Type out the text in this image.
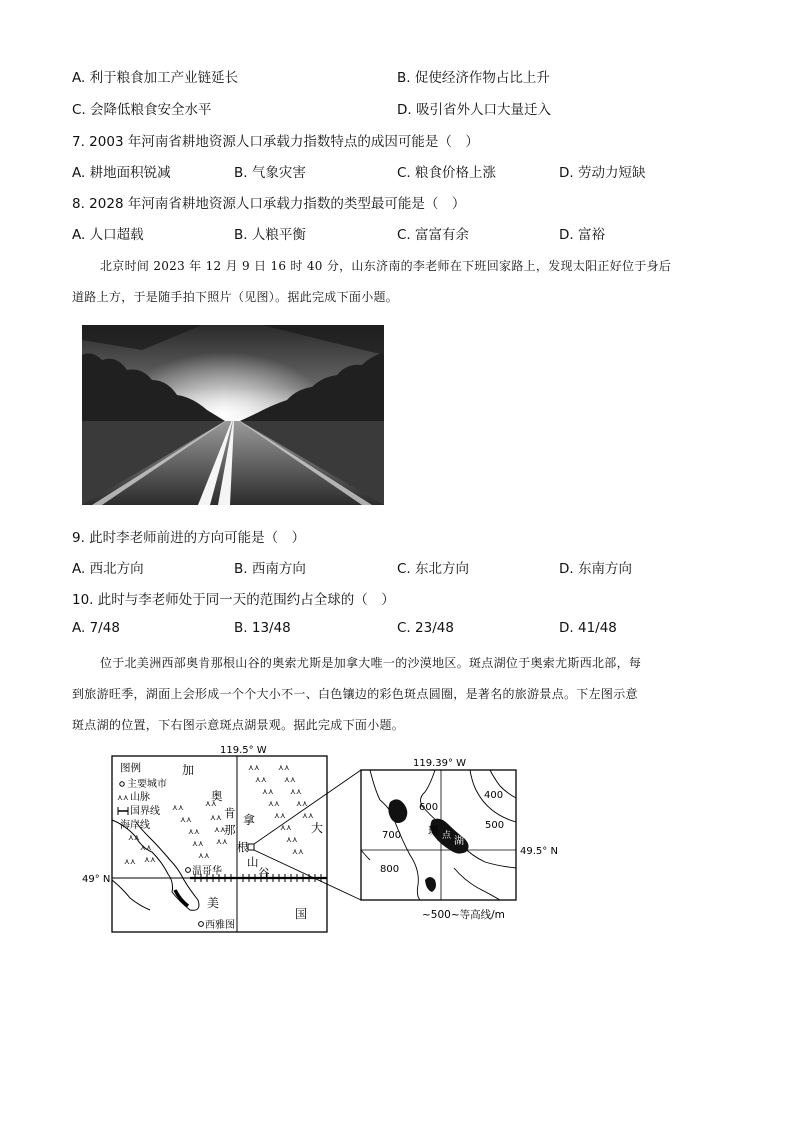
A. 利于粮食加工产业链延长	B. 促使经济作物占比上升
C. 会降低粮食安全水平	D. 吸引省外人口大量迁入
7. 2003 年河南省耕地资源人口承载力指数特点的成因可能是（　）
A. 耕地面积锐减	B. 气象灾害	C. 粮食价格上涨	D. 劳动力短缺
8. 2028 年河南省耕地资源人口承载力指数的类型最可能是（　）
A. 人口超载	B. 人粮平衡	C. 富富有余	D. 富裕
北京时间 2023 年 12 月 9 日 16 时 40 分，山东济南的李老师在下班回家路上，发现太阳正好位于身后
道路上方，于是随手拍下照片（见图）。据此完成下面小题。
9. 此时李老师前进的方向可能是（　）
A. 西北方向	B. 西南方向	C. 东北方向	D. 东南方向
10. 此时与李老师处于同一天的范围约占全球的（　）
A. 7/48	B. 13/48	C. 23/48	D. 41/48
位于北美洲西部奥肯那根山谷的奥索尤斯是加拿大唯一的沙漠地区。斑点湖位于奥索尤斯西北部，每
到旅游旺季，湖面上会形成一个个大小不一、白色镶边的彩色斑点圆圈，是著名的旅游景点。下左图示意
斑点湖的位置，下右图示意斑点湖景观。据此完成下面小题。
119.5° W
49° N
⋏⋏
⋏⋏
⋏⋏
⋏⋏
⋏⋏
⋏⋏
⋏⋏
⋏⋏
⋏⋏
⋏⋏
⋏⋏
⋏⋏
⋏⋏
⋏⋏
⋏⋏
⋏⋏
⋏⋏
⋏⋏
⋏⋏
⋏⋏
⋏⋏
⋏⋏
⋏⋏
⋏⋏
⋏⋏
⋏⋏
图例
主要城市
⋏⋏ 山脉
国界线
海岸线
加
拿
大
美
国
奥
肯
那
根
山
谷
温哥华
西雅图
119.39° W
49.5° N
600
400
700
500
800
斑 点 湖
~500~等高线/m
